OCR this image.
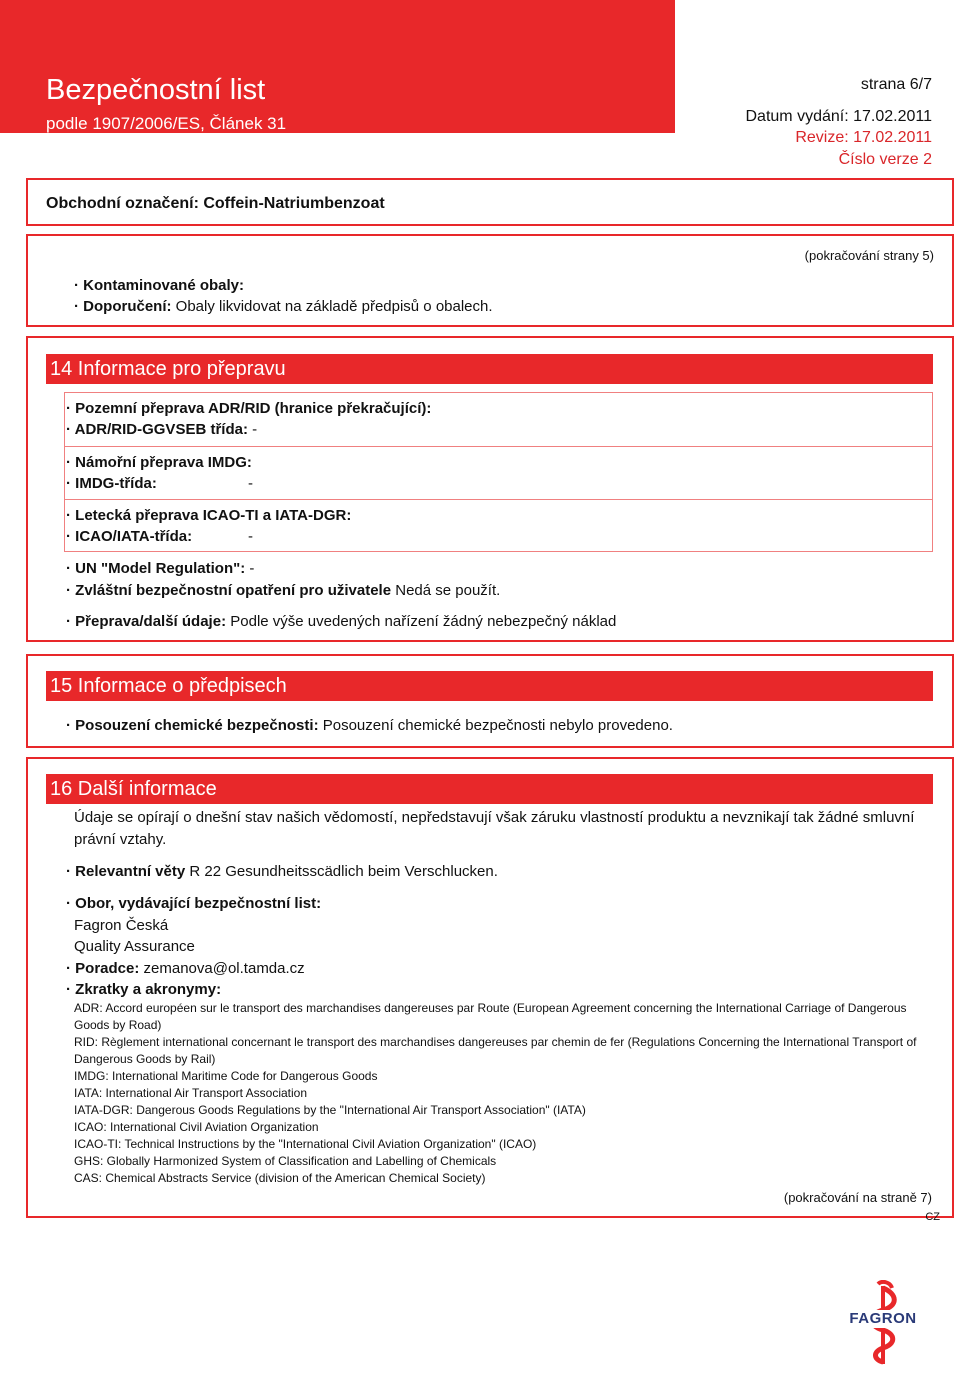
Bezpečnostní list
podle 1907/2006/ES, Článek 31
strana 6/7
Datum vydání: 17.02.2011
Revize: 17.02.2011
Číslo verze 2
Obchodní označení: Coffein-Natriumbenzoat
(pokračování strany 5)
· Kontaminované obaly:
· Doporučení: Obaly likvidovat na základě předpisů o obalech.
14 Informace pro přepravu
· Pozemní přeprava ADR/RID (hranice překračující):
· ADR/RID-GGVSEB třída: -
· Námořní přeprava IMDG:
· IMDG-třída:	-
· Letecká přeprava ICAO-TI a IATA-DGR:
· ICAO/IATA-třída:	-
· UN "Model Regulation": -
· Zvláštní bezpečnostní opatření pro uživatele Nedá se použít.
· Přeprava/další údaje: Podle výše uvedených nařízení žádný nebezpečný náklad
15 Informace o předpisech
· Posouzení chemické bezpečnosti: Posouzení chemické bezpečnosti nebylo provedeno.
16 Další informace
Údaje se opírají o dnešní stav našich vědomostí, nepředstavují však záruku vlastností produktu a nevznikají tak žádné smluvní právní vztahy.
· Relevantní věty R 22 Gesundheitsscädlich beim Verschlucken.
· Obor, vydávající bezpečnostní list:
Fagron Česká
Quality Assurance
· Poradce: zemanova@ol.tamda.cz
· Zkratky a akronymy:
ADR: Accord européen sur le transport des marchandises dangereuses par Route (European Agreement concerning the International Carriage of Dangerous Goods by Road)
RID: Règlement international concernant le transport des marchandises dangereuses par chemin de fer (Regulations Concerning the International Transport of Dangerous Goods by Rail)
IMDG: International Maritime Code for Dangerous Goods
IATA: International Air Transport Association
IATA-DGR: Dangerous Goods Regulations by the "International Air Transport Association" (IATA)
ICAO: International Civil Aviation Organization
ICAO-TI: Technical Instructions by the "International Civil Aviation Organization" (ICAO)
GHS: Globally Harmonized System of Classification and Labelling of Chemicals
CAS: Chemical Abstracts Service (division of the American Chemical Society)
(pokračování na straně 7)
CZ
FAGRON
